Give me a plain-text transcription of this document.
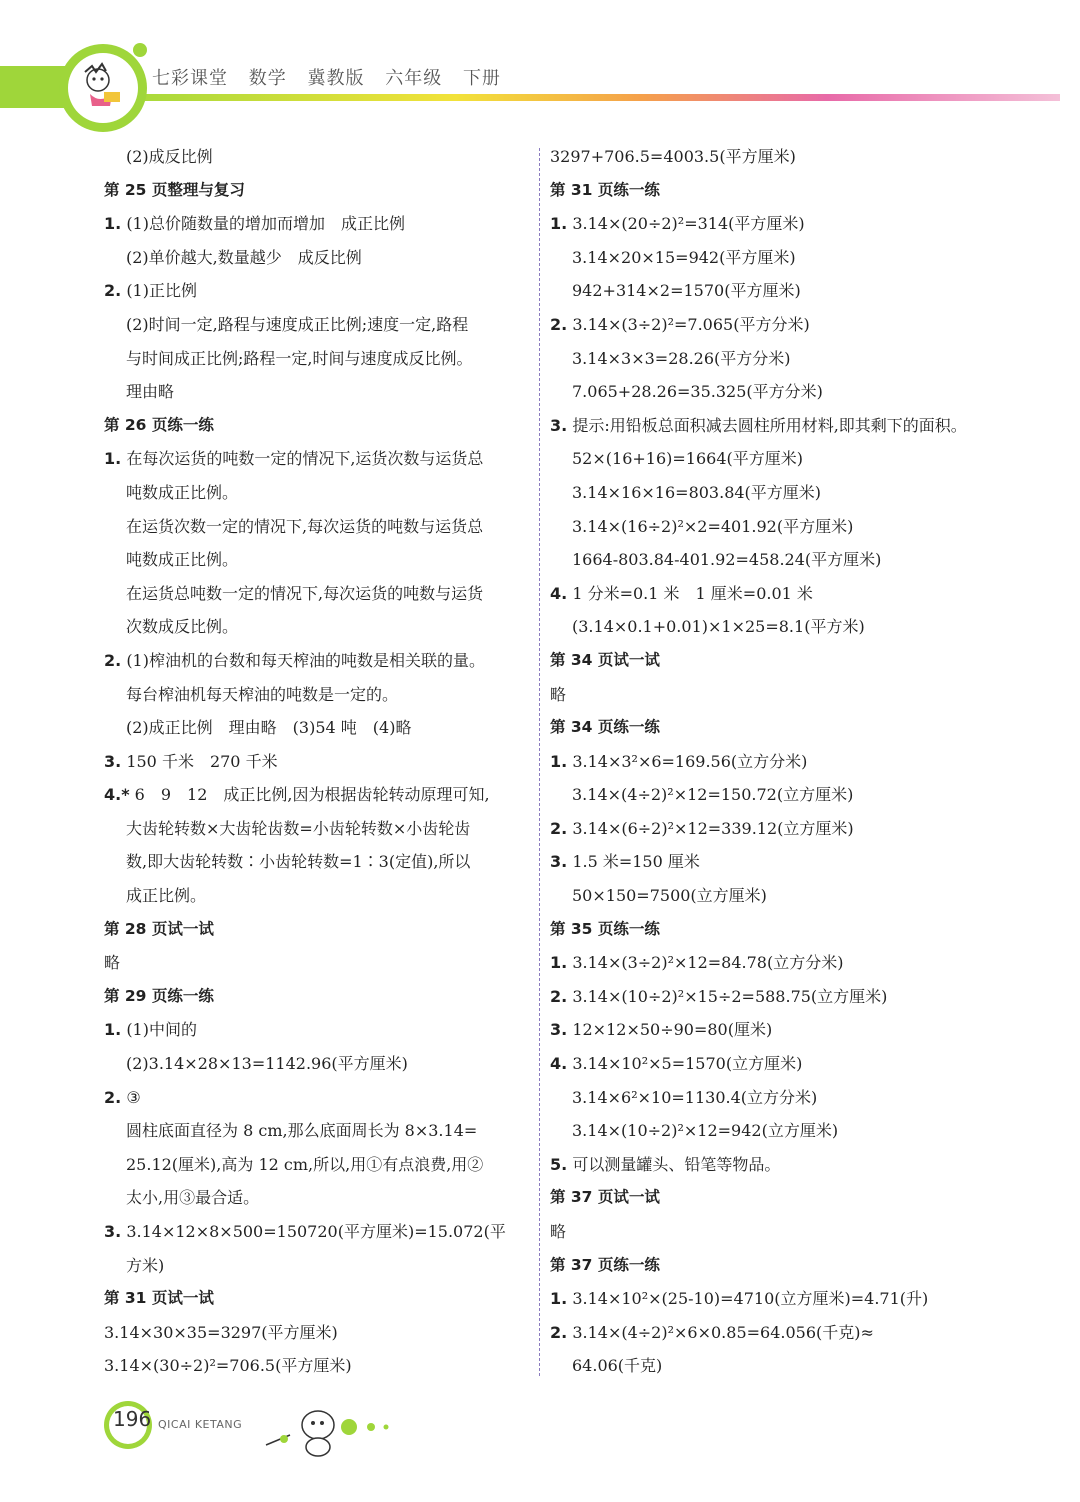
七彩课堂 数学 冀教版 六年级 下册
(2)成反比例
第 25 页整理与复习
1. (1)总价随数量的增加而增加　成正比例
(2)单价越大,数量越少　成反比例
2. (1)正比例
(2)时间一定,路程与速度成正比例;速度一定,路程
与时间成正比例;路程一定,时间与速度成反比例。
理由略
第 26 页练一练
1. 在每次运货的吨数一定的情况下,运货次数与运货总
吨数成正比例。
在运货次数一定的情况下,每次运货的吨数与运货总
吨数成正比例。
在运货总吨数一定的情况下,每次运货的吨数与运货
次数成反比例。
2. (1)榨油机的台数和每天榨油的吨数是相关联的量。
每台榨油机每天榨油的吨数是一定的。
(2)成正比例　理由略　(3)54 吨　(4)略
3. 150 千米　270 千米
4.* 6　9　12　成正比例,因为根据齿轮转动原理可知,
大齿轮转数×大齿轮齿数=小齿轮转数×小齿轮齿
数,即大齿轮转数∶小齿轮转数=1∶3(定值),所以
成正比例。
第 28 页试一试
略
第 29 页练一练
1. (1)中间的
(2)3.14×28×13=1142.96(平方厘米)
2. ③
圆柱底面直径为 8 cm,那么底面周长为 8×3.14=
25.12(厘米),高为 12 cm,所以,用①有点浪费,用②
太小,用③最合适。
3. 3.14×12×8×500=150720(平方厘米)=15.072(平
方米)
第 31 页试一试
3.14×30×35=3297(平方厘米)
3.14×(30÷2)²=706.5(平方厘米)
3297+706.5=4003.5(平方厘米)
第 31 页练一练
1. 3.14×(20÷2)²=314(平方厘米)
3.14×20×15=942(平方厘米)
942+314×2=1570(平方厘米)
2. 3.14×(3÷2)²=7.065(平方分米)
3.14×3×3=28.26(平方分米)
7.065+28.26=35.325(平方分米)
3. 提示:用铅板总面积减去圆柱所用材料,即其剩下的面积。
52×(16+16)=1664(平方厘米)
3.14×16×16=803.84(平方厘米)
3.14×(16÷2)²×2=401.92(平方厘米)
1664-803.84-401.92=458.24(平方厘米)
4. 1 分米=0.1 米　1 厘米=0.01 米
(3.14×0.1+0.01)×1×25=8.1(平方米)
第 34 页试一试
略
第 34 页练一练
1. 3.14×3²×6=169.56(立方分米)
3.14×(4÷2)²×12=150.72(立方厘米)
2. 3.14×(6÷2)²×12=339.12(立方厘米)
3. 1.5 米=150 厘米
50×150=7500(立方厘米)
第 35 页练一练
1. 3.14×(3÷2)²×12=84.78(立方分米)
2. 3.14×(10÷2)²×15÷2=588.75(立方厘米)
3. 12×12×50÷90=80(厘米)
4. 3.14×10²×5=1570(立方厘米)
3.14×6²×10=1130.4(立方分米)
3.14×(10÷2)²×12=942(立方厘米)
5. 可以测量罐头、铅笔等物品。
第 37 页试一试
略
第 37 页练一练
1. 3.14×10²×(25-10)=4710(立方厘米)=4.71(升)
2. 3.14×(4÷2)²×6×0.85=64.056(千克)≈
64.06(千克)
196 QICAI KETANG
